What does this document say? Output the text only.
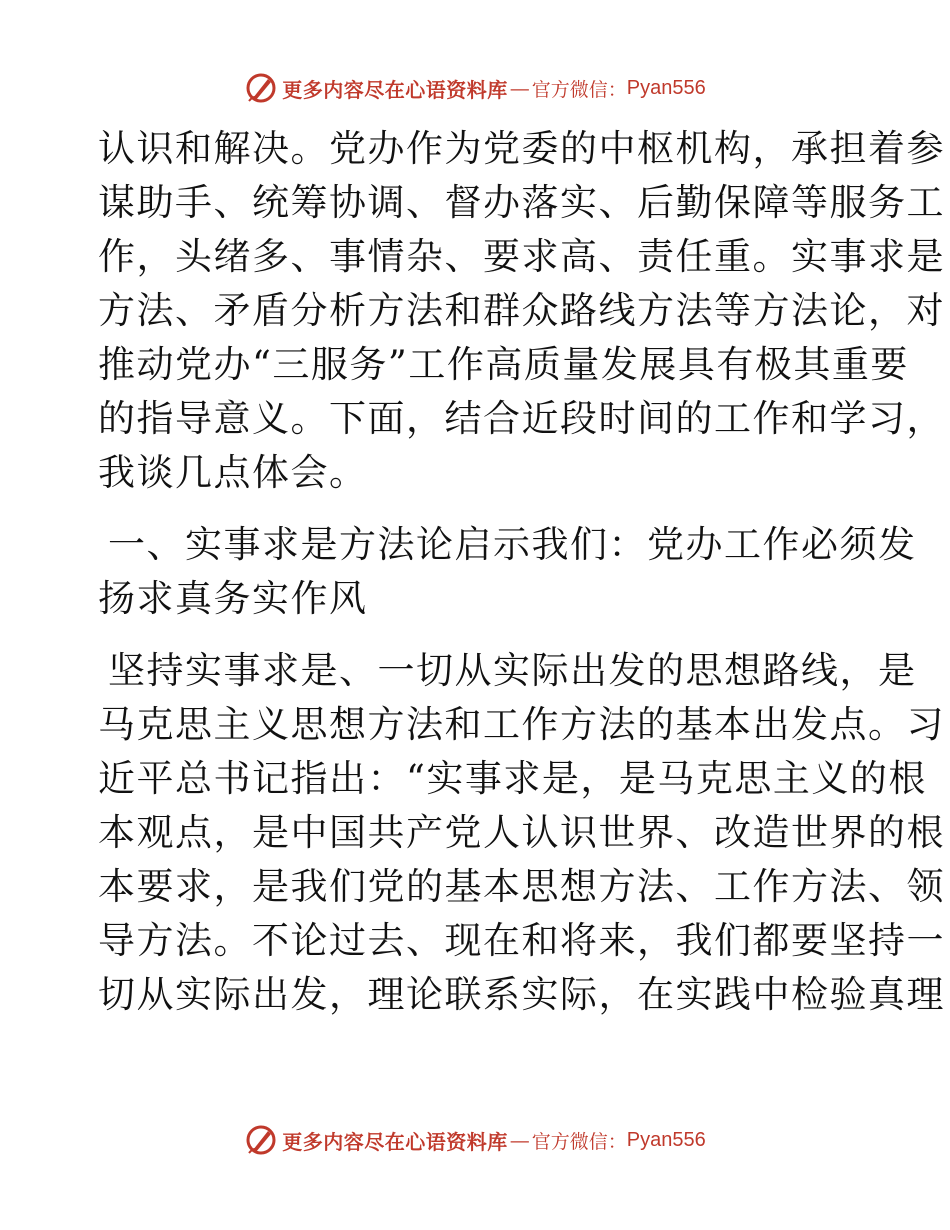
更多内容尽在心语资料库 — 官方微信： Pyan556
认识和解决。党办作为党委的中枢机构，承担着参
谋助手、统筹协调、督办落实、后勤保障等服务工
作，头绪多、事情杂、要求高、责任重。实事求是
方法、矛盾分析方法和群众路线方法等方法论，对
推动党办“三服务”工作高质量发展具有极其重要
的指导意义。下面，结合近段时间的工作和学习，
我谈几点体会。
一、实事求是方法论启示我们：党办工作必须发
扬求真务实作风
坚持实事求是、一切从实际出发的思想路线，是
马克思主义思想方法和工作方法的基本出发点。习
近平总书记指出：“实事求是，是马克思主义的根
本观点，是中国共产党人认识世界、改造世界的根
本要求，是我们党的基本思想方法、工作方法、领
导方法。不论过去、现在和将来，我们都要坚持一
切从实际出发，理论联系实际，在实践中检验真理
更多内容尽在心语资料库 — 官方微信： Pyan556
